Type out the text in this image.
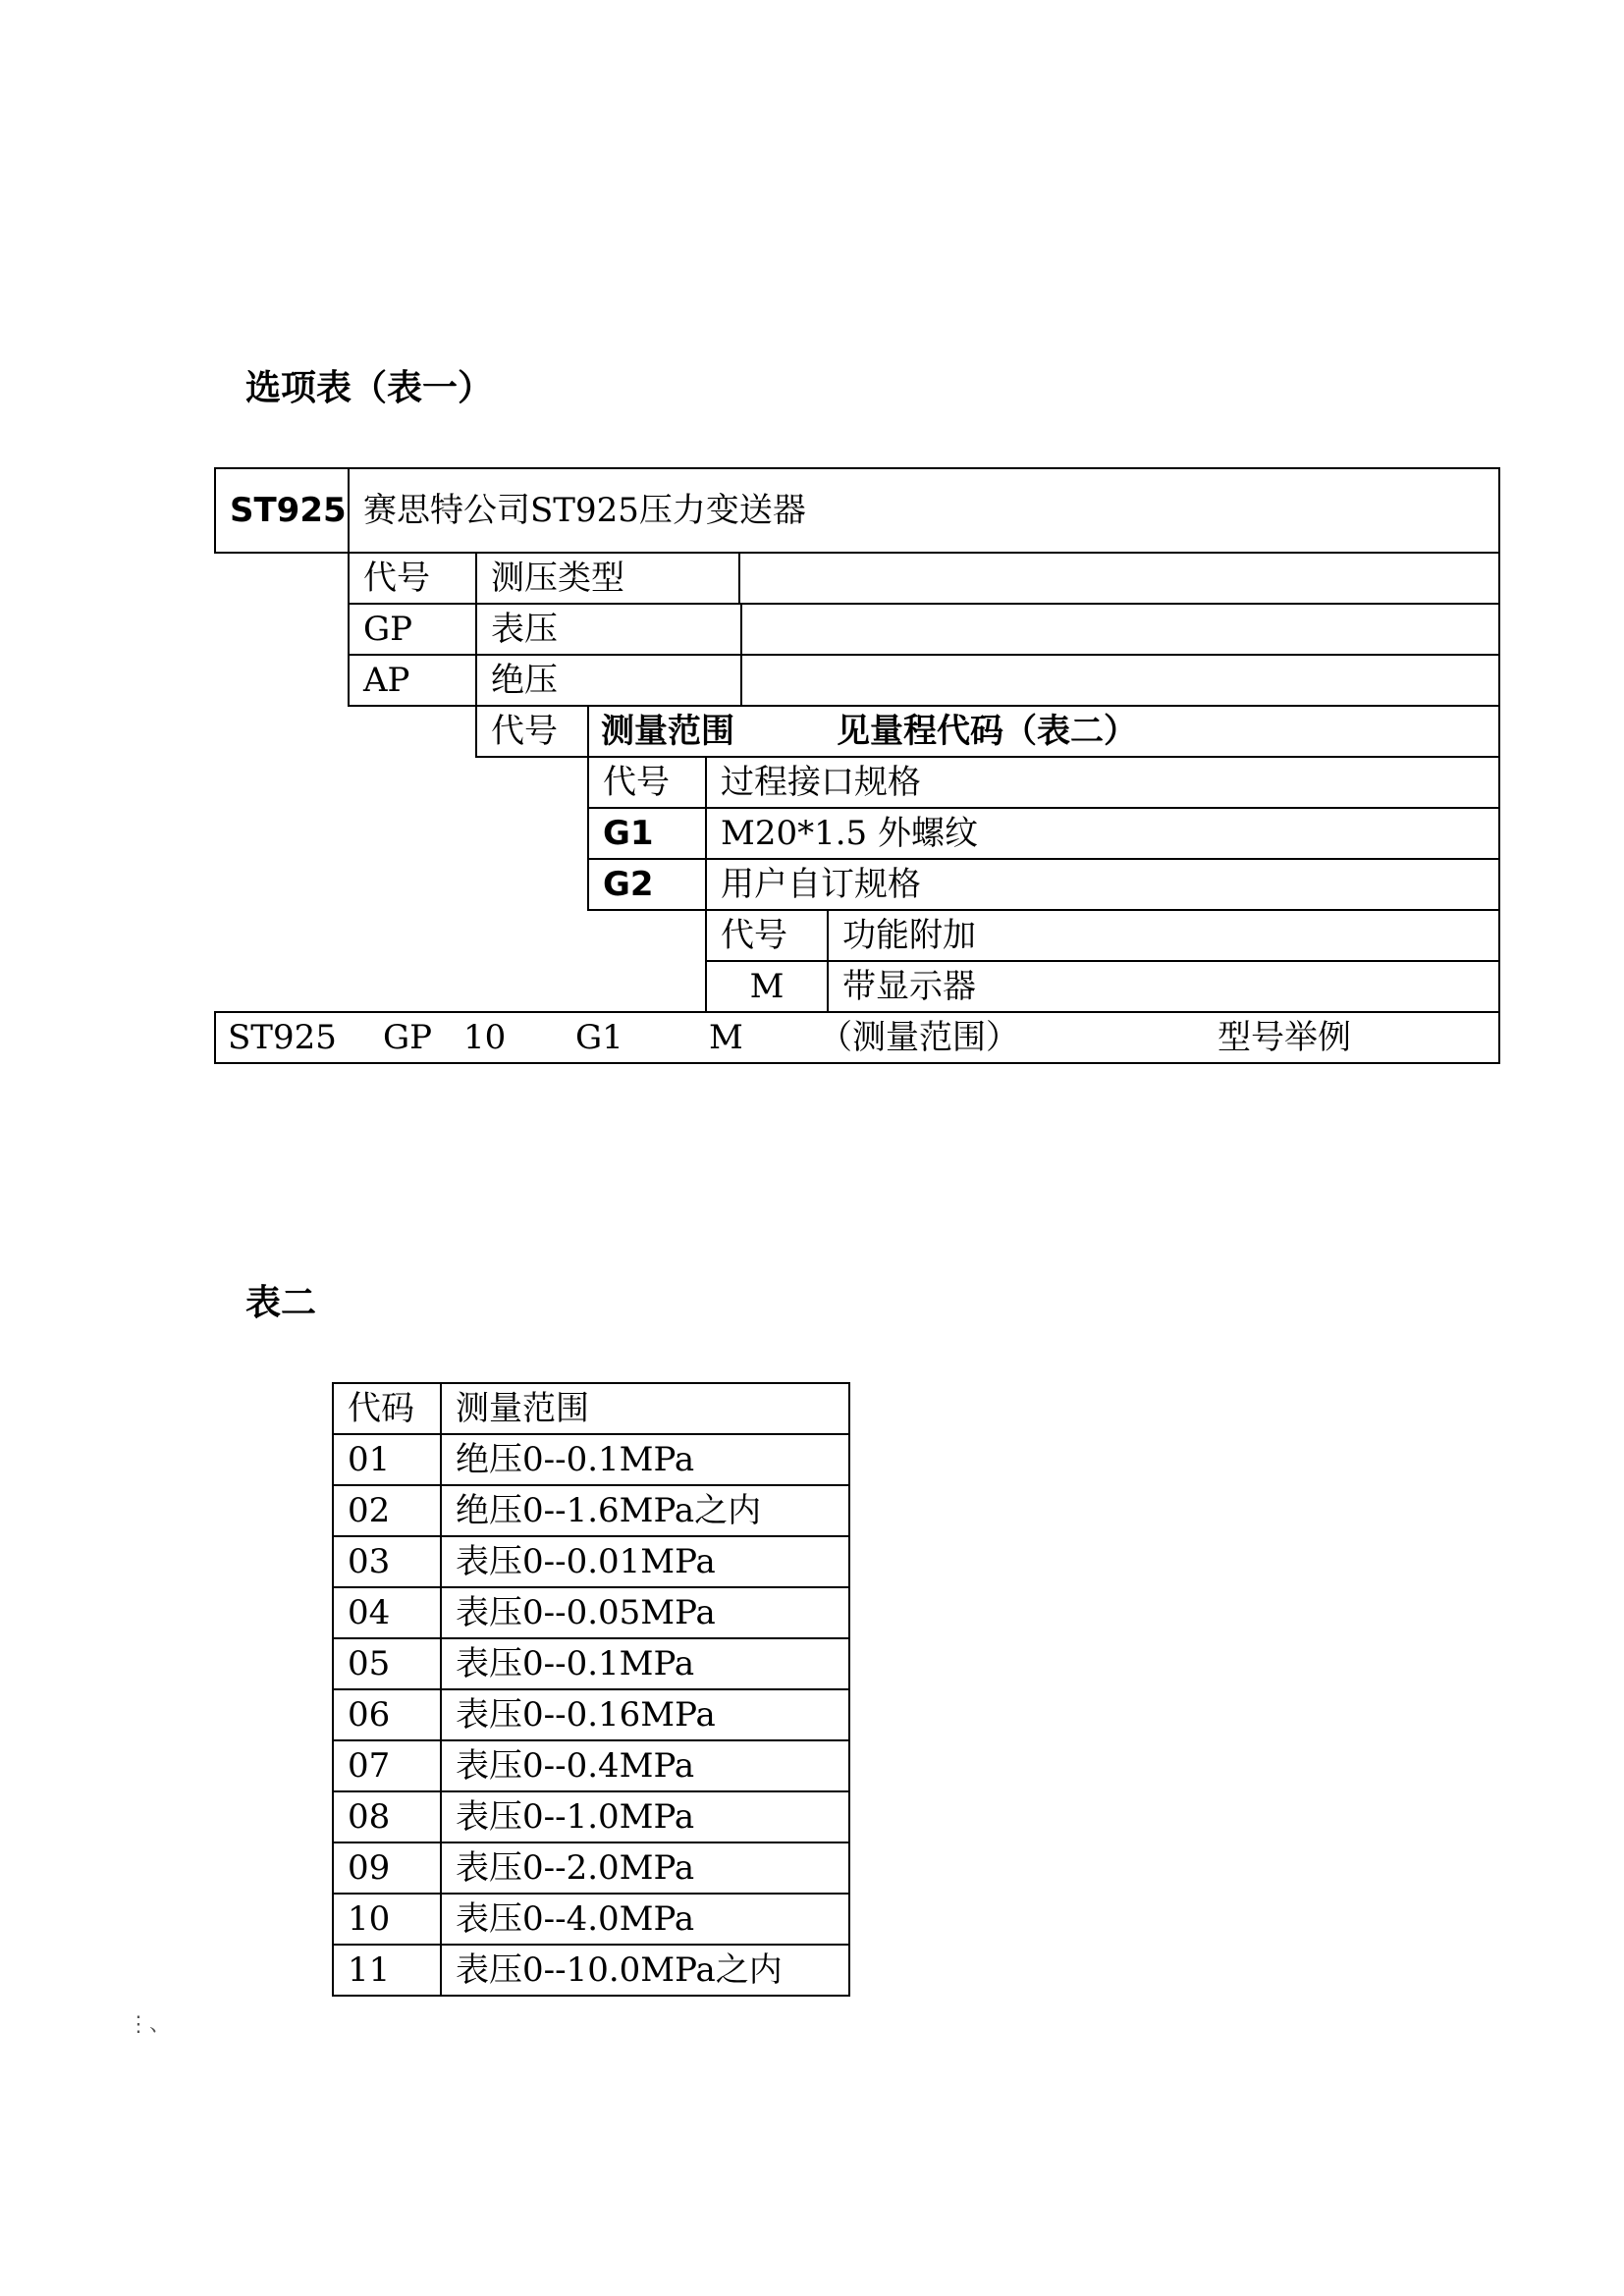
选项表（表一）
ST925 赛思特公司ST925压力变送器
代号	测压类型
GP	表压
AP	绝压
代号	测量范围	见量程代码（表二）
代号	过程接口规格
G1	M20*1.5 外螺纹
G2	用户自订规格
代号	功能附加
M	带显示器
ST925 GP 10 G1	M （测量范围）	型号举例
表二
代码	测量范围
01	绝压0--0.1MPa
02	绝压0--1.6MPa之内
03	表压0--0.01MPa
04	表压0--0.05MPa
05	表压0--0.1MPa
06	表压0--0.16MPa
07	表压0--0.4MPa
08	表压0--1.0MPa
09	表压0--2.0MPa
10	表压0--4.0MPa
11	表压0--10.0MPa之内
⋮、
